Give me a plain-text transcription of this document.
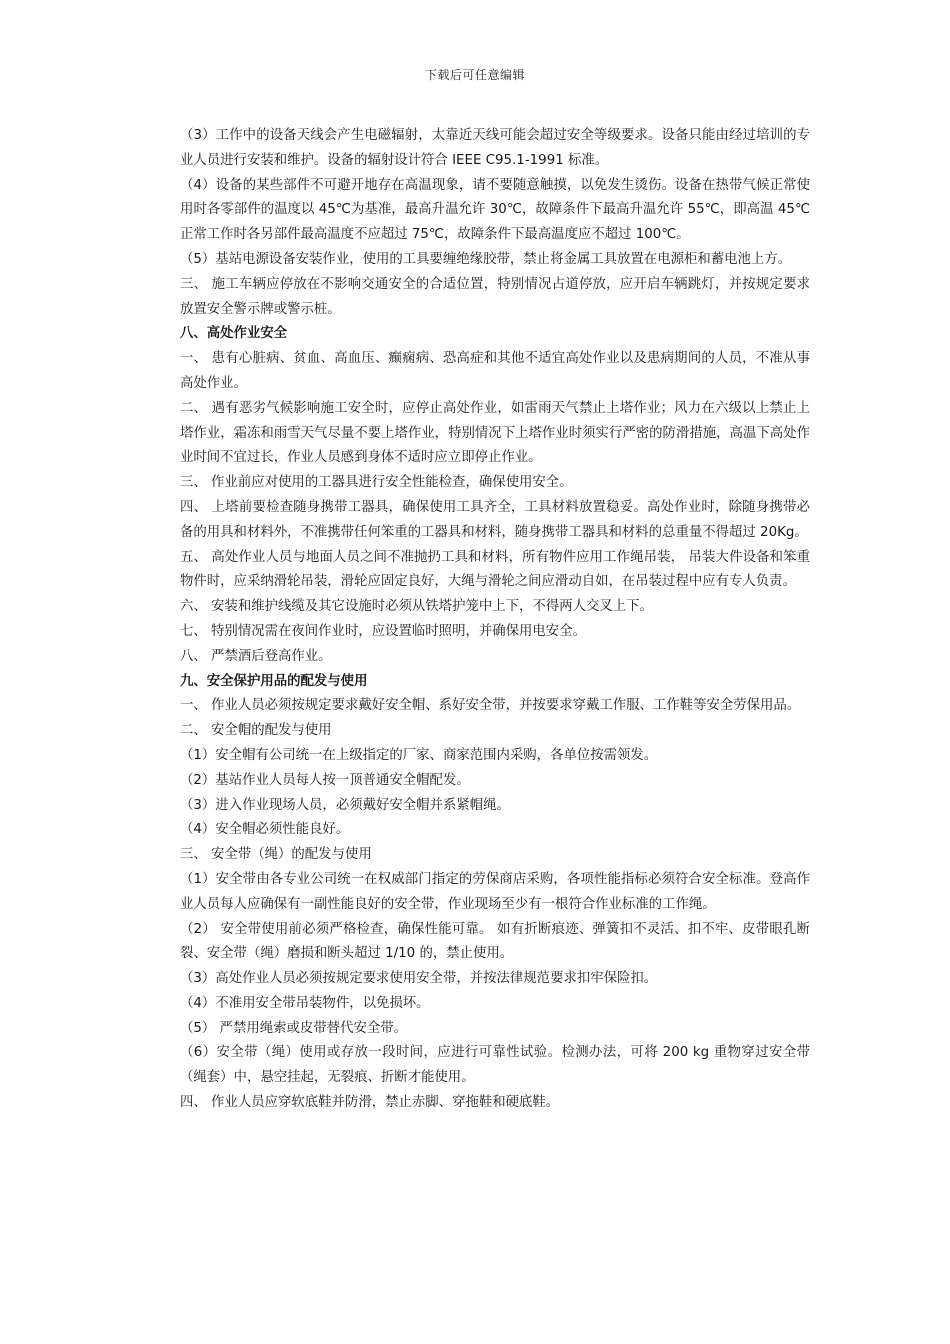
下载后可任意编辑

（3）工作中的设备天线会产生电磁辐射，太靠近天线可能会超过安全等级要求。设备只能由经过培训的专业人员进行安装和维护。设备的辐射设计符合 IEEE C95.1-1991 标准。

（4）设备的某些部件不可避开地存在高温现象，请不要随意触摸，以免发生烫伤。设备在热带气候正常使用时各零部件的温度以 45℃为基准，最高升温允许 30℃，故障条件下最高升温允许 55℃，即高温 45℃正常工作时各另部件最高温度不应超过 75℃，故障条件下最高温度应不超过 100℃。

（5）基站电源设备安装作业，使用的工具要缠绝缘胶带，禁止将金属工具放置在电源柜和蓄电池上方。

三、 施工车辆应停放在不影响交通安全的合适位置，特别情况占道停放，应开启车辆跳灯，并按规定要求放置安全警示牌或警示桩。

八、高处作业安全

一、 患有心脏病、贫血、高血压、癫痫病、恐高症和其他不适宜高处作业以及患病期间的人员，不准从事高处作业。

二、 遇有恶劣气候影响施工安全时，应停止高处作业，如雷雨天气禁止上塔作业；风力在六级以上禁止上塔作业，霜冻和雨雪天气尽量不要上塔作业，特别情况下上塔作业时须实行严密的防滑措施，高温下高处作业时间不宜过长，作业人员感到身体不适时应立即停止作业。

三、 作业前应对使用的工器具进行安全性能检查，确保使用安全。

四、 上塔前要检查随身携带工器具，确保使用工具齐全，工具材料放置稳妥。高处作业时，除随身携带必备的用具和材料外，不准携带任何笨重的工器具和材料，随身携带工器具和材料的总重量不得超过 20Kg。

五、 高处作业人员与地面人员之间不准抛扔工具和材料，所有物件应用工作绳吊装， 吊装大件设备和笨重物件时，应采纳滑轮吊装，滑轮应固定良好，大绳与滑轮之间应滑动自如，在吊装过程中应有专人负责。

六、 安装和维护线缆及其它设施时必须从铁塔护笼中上下，不得两人交叉上下。

七、 特别情况需在夜间作业时，应设置临时照明，并确保用电安全。

八、 严禁酒后登高作业。

九、安全保护用品的配发与使用

一、 作业人员必须按规定要求戴好安全帽、系好安全带，并按要求穿戴工作服、工作鞋等安全劳保用品。

二、 安全帽的配发与使用

（1）安全帽有公司统一在上级指定的厂家、商家范围内采购，各单位按需领发。

（2）基站作业人员每人按一顶普通安全帽配发。

（3）进入作业现场人员，必须戴好安全帽并系紧帽绳。

（4）安全帽必须性能良好。

三、 安全带（绳）的配发与使用

（1）安全带由各专业公司统一在权威部门指定的劳保商店采购，各项性能指标必须符合安全标准。登高作业人员每人应确保有一副性能良好的安全带，作业现场至少有一根符合作业标准的工作绳。

（2） 安全带使用前必须严格检查，确保性能可靠。 如有折断痕迹、弹簧扣不灵活、扣不牢、皮带眼孔断裂、安全带（绳）磨损和断头超过 1/10 的，禁止使用。

（3）高处作业人员必须按规定要求使用安全带，并按法律规范要求扣牢保险扣。

（4）不准用安全带吊装物件，以免损坏。

（5） 严禁用绳索或皮带替代安全带。

（6）安全带（绳）使用或存放一段时间，应进行可靠性试验。检测办法，可将 200 kg 重物穿过安全带（绳套）中，悬空挂起，无裂痕、折断才能使用。

四、 作业人员应穿软底鞋并防滑，禁止赤脚、穿拖鞋和硬底鞋。
